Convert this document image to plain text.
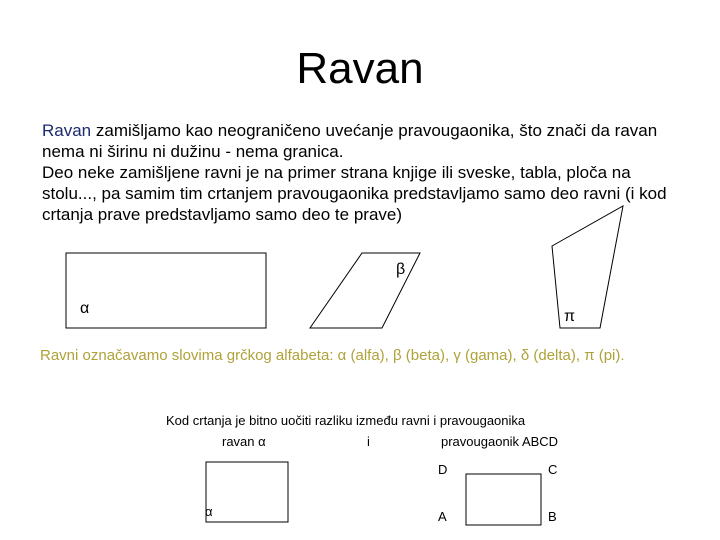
Ravan
Ravan zamišljamo kao neograničeno uvećanje pravougaonika, što znači da ravan nema ni širinu ni dužinu - nema granica.
Deo neke zamišljene ravni je na primer strana knjige ili sveske, tabla, ploča na stolu..., pa samim tim crtanjem pravougaonika predstavljamo samo deo ravni (i kod crtanja prave predstavljamo samo deo te prave)
α
β
π
Ravni označavamo slovima grčkog alfabeta: α (alfa), β (beta), γ (gama), δ (delta), π (pi).
Kod crtanja je bitno uočiti razliku između ravni i pravougaonika
ravan α	i	pravougaonik ABCD
α
D	C
A	B
